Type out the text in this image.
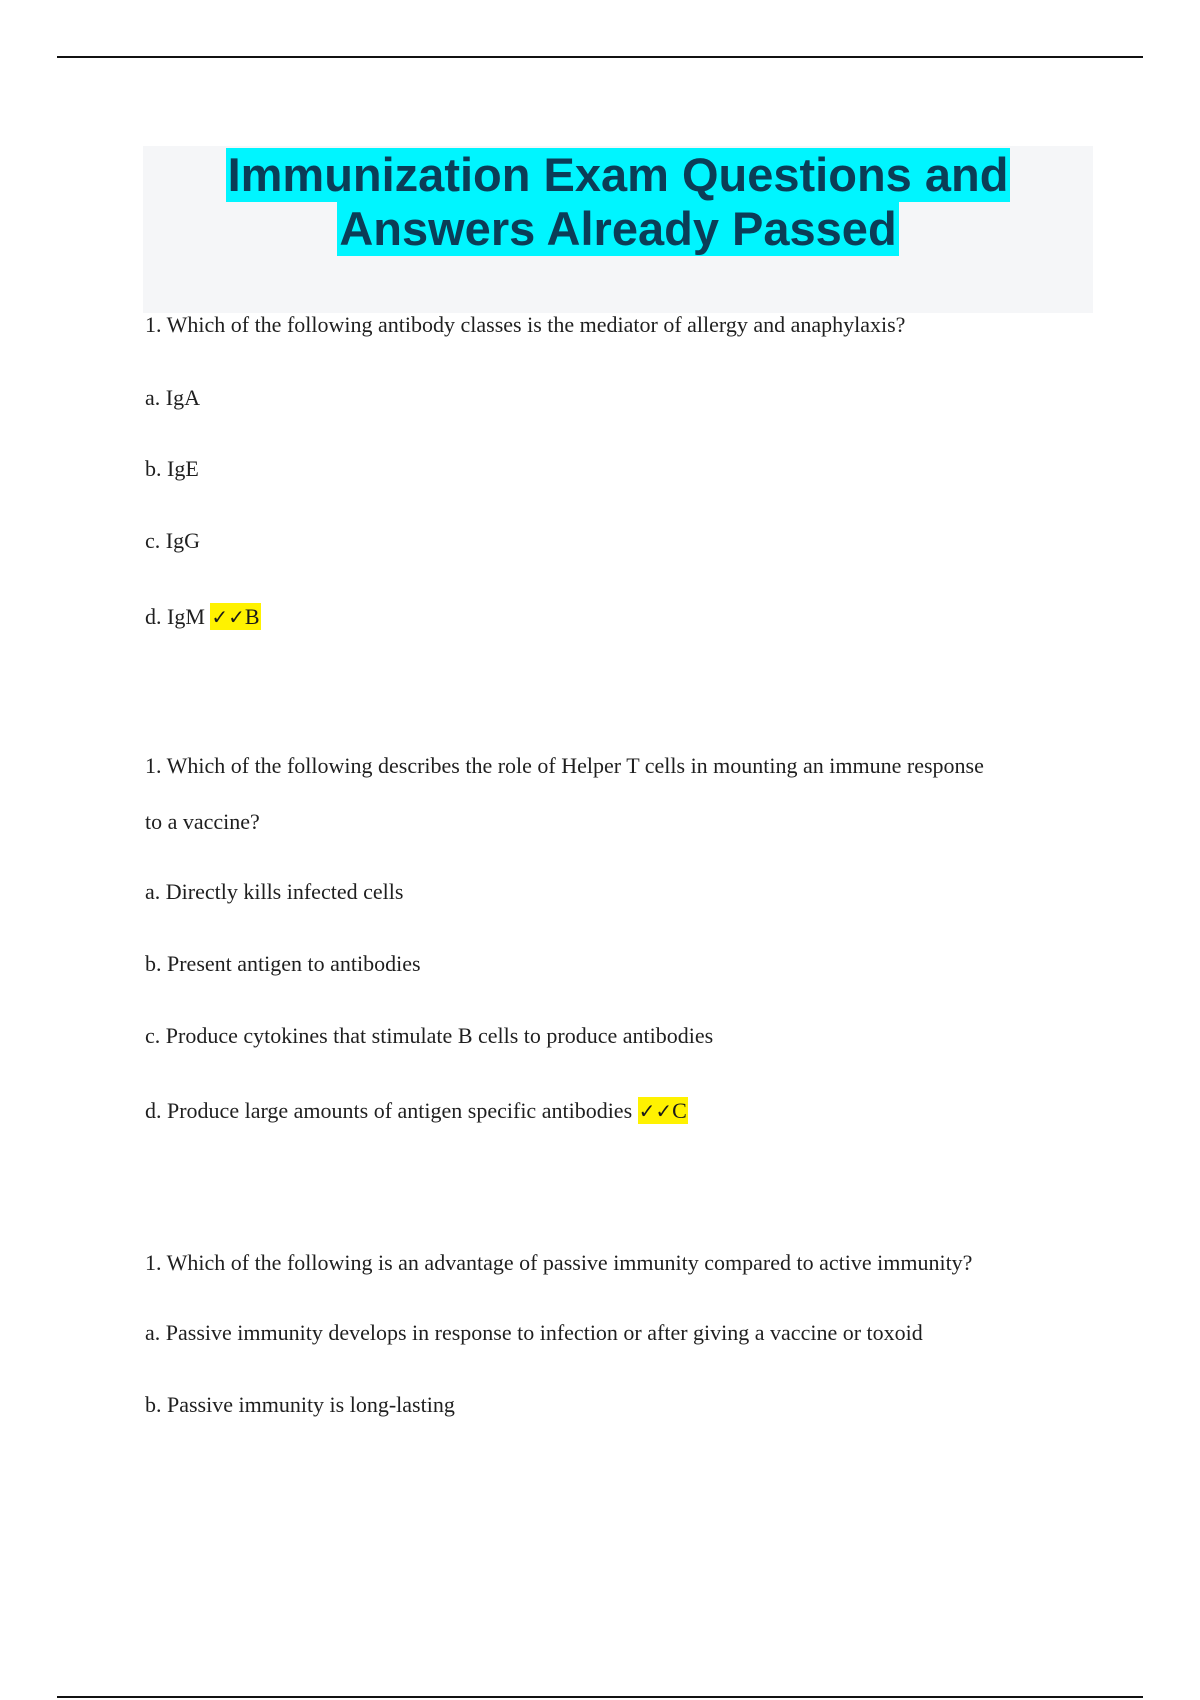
Immunization Exam Questions and
Answers Already Passed
1. Which of the following antibody classes is the mediator of allergy and anaphylaxis?
a. IgA
b. IgE
c. IgG
d. IgM ✓✓B
1. Which of the following describes the role of Helper T cells in mounting an immune response
to a vaccine?
a. Directly kills infected cells
b. Present antigen to antibodies
c. Produce cytokines that stimulate B cells to produce antibodies
d. Produce large amounts of antigen specific antibodies ✓✓C
1. Which of the following is an advantage of passive immunity compared to active immunity?
a. Passive immunity develops in response to infection or after giving a vaccine or toxoid
b. Passive immunity is long-lasting
